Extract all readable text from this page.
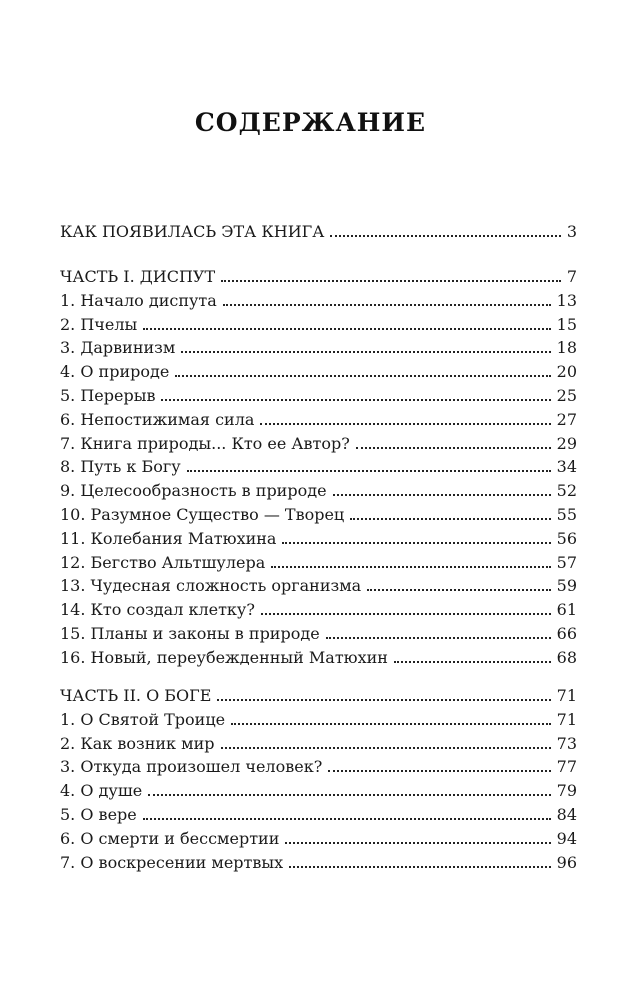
СОДЕРЖАНИЕ
КАК ПОЯВИЛАСЬ ЭТА КНИГА	3
ЧАСТЬ I. ДИСПУТ	7
1. Начало диспута	13
2. Пчелы	15
3. Дарвинизм	18
4. О природе	20
5. Перерыв	25
6. Непостижимая сила	27
7. Книга природы... Кто ее Автор?	29
8. Путь к Богу	34
9. Целесообразность в природе	52
10. Разумное Существо — Творец	55
11. Колебания Матюхина	56
12. Бегство Альтшулера	57
13. Чудесная сложность организма	59
14. Кто создал клетку?	61
15. Планы и законы в природе	66
16. Новый, переубежденный Матюхин	68
ЧАСТЬ II. О БОГЕ	71
1. О Святой Троице	71
2. Как возник мир	73
3. Откуда произошел человек?	77
4. О душе	79
5. О вере	84
6. О смерти и бессмертии	94
7. О воскресении мертвых	96
